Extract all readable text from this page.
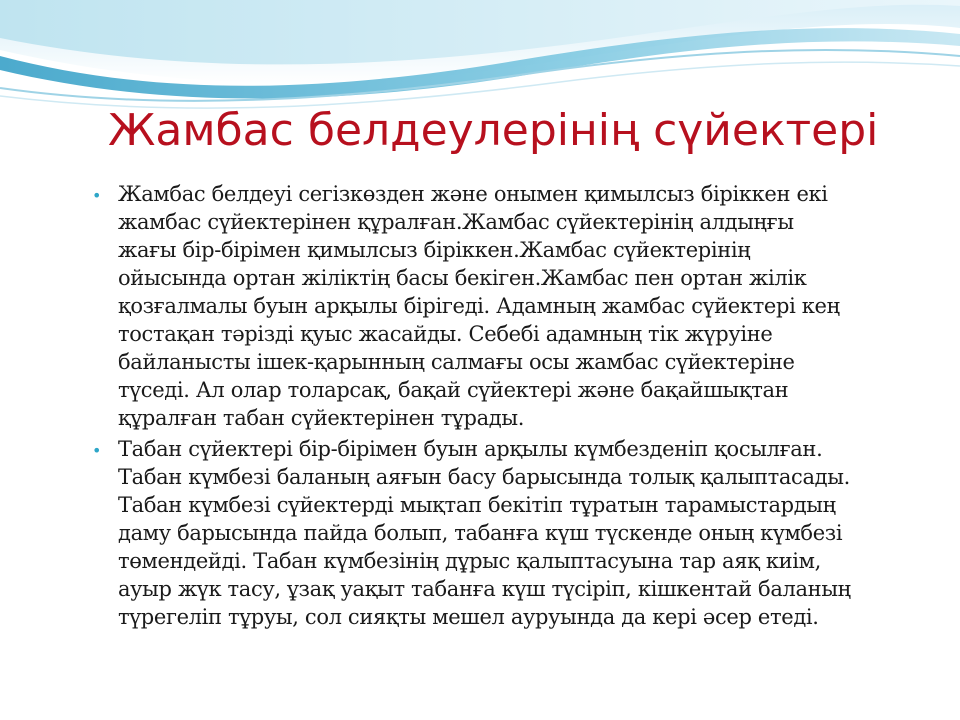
Жамбас белдеулерінің сүйектері
• Жамбас белдеуі сегізкөзден және онымен қимылсыз біріккен екі
жамбас сүйектерінен құралған.Жамбас сүйектерінің алдыңғы
жағы бір-бірімен қимылсыз біріккен.Жамбас сүйектерінің
ойысында ортан жіліктің басы бекіген.Жамбас пен ортан жілік
қозғалмалы буын арқылы бірігеді. Адамның жамбас сүйектері кең
тостақан тәрізді қуыс жасайды. Себебі адамның тік жүруіне
байланысты ішек-қарынның салмағы осы жамбас сүйектеріне
түседі. Ал олар толарсақ, бақай сүйектері және бақайшықтан
құралған табан сүйектерінен тұрады.
• Табан сүйектері бір-бірімен буын арқылы күмбезденіп қосылған.
Табан күмбезі баланың аяғын басу барысында толық қалыптасады.
Табан күмбезі сүйектерді мықтап бекітіп тұратын тарамыстардың
даму барысында пайда болып, табанға күш түскенде оның күмбезі
төмендейді. Табан күмбезінің дұрыс қалыптасуына тар аяқ киім,
ауыр жүк тасу, ұзақ уақыт табанға күш түсіріп, кішкентай баланың
түрегеліп тұруы, сол сияқты мешел ауруында да кері әсер етеді.
